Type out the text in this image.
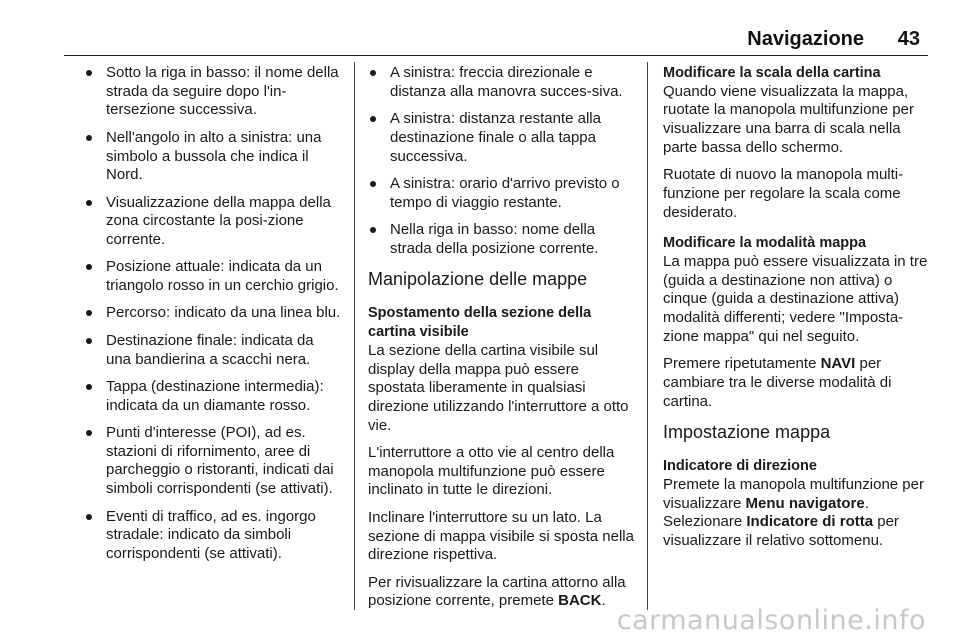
Navigazione 43
Sotto la riga in basso: il nome della strada da seguire dopo l'in-tersezione successiva.
Nell'angolo in alto a sinistra: una simbolo a bussola che indica il Nord.
Visualizzazione della mappa della zona circostante la posi-zione corrente.
Posizione attuale: indicata da un triangolo rosso in un cerchio grigio.
Percorso: indicato da una linea blu.
Destinazione finale: indicata da una bandierina a scacchi nera.
Tappa (destinazione intermedia): indicata da un diamante rosso.
Punti d'interesse (POI), ad es. stazioni di rifornimento, aree di parcheggio o ristoranti, indicati dai simboli corrispondenti (se attivati).
Eventi di traffico, ad es. ingorgo stradale: indicato da simboli corrispondenti (se attivati).
A sinistra: freccia direzionale e distanza alla manovra succes-siva.
A sinistra: distanza restante alla destinazione finale o alla tappa successiva.
A sinistra: orario d'arrivo previsto o tempo di viaggio restante.
Nella riga in basso: nome della strada della posizione corrente.
Manipolazione delle mappe
Spostamento della sezione della cartina visibile

La sezione della cartina visibile sul display della mappa può essere spostata liberamente in qualsiasi direzione utilizzando l'interruttore a otto vie.

L'interruttore a otto vie al centro della manopola multifunzione può essere inclinato in tutte le direzioni.

Inclinare l'interruttore su un lato. La sezione di mappa visibile si sposta nella direzione rispettiva.

Per rivisualizzare la cartina attorno alla posizione corrente, premete BACK.

Modificare la scala della cartina

Quando viene visualizzata la mappa, ruotate la manopola multifunzione per visualizzare una barra di scala nella parte bassa dello schermo.

Ruotate di nuovo la manopola multi-funzione per regolare la scala come desiderato.

Modificare la modalità mappa

La mappa può essere visualizzata in tre (guida a destinazione non attiva) o cinque (guida a destinazione attiva) modalità differenti; vedere "Imposta-zione mappa" qui nel seguito.

Premere ripetutamente NAVI per cambiare tra le diverse modalità di cartina.

Impostazione mappa
Indicatore di direzione

Premete la manopola multifunzione per visualizzare Menu navigatore. Selezionare Indicatore di rotta per visualizzare il relativo sottomenu.

carmanualsonline.info
